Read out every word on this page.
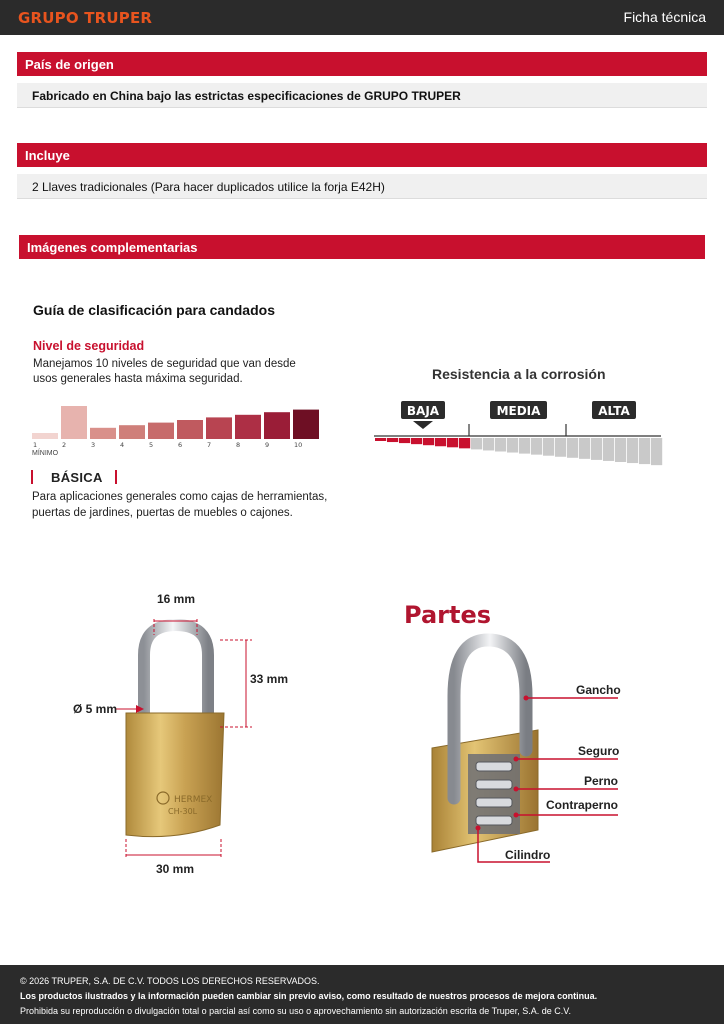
GRUPO TRUPER	Ficha técnica
País de origen
Fabricado en China bajo las estrictas especificaciones de GRUPO TRUPER
Incluye
2 Llaves tradicionales (Para hacer duplicados utilice la forja E42H)
Imágenes complementarias
Guía de clasificación para candados
Nivel de seguridad
Manejamos 10 niveles de seguridad que van desde usos generales hasta máxima seguridad.
1	2	3	4	5	6	7	8	9	10
MÍNIMO
BÁSICA
Para aplicaciones generales como cajas de herramientas, puertas de jardines, puertas de muebles o cajones.
Resistencia a la corrosión
BAJA	MEDIA	ALTA
HERMEX
CH-30L
16 mm
33 mm
Ø 5 mm
30 mm
Partes
Gancho
Seguro
Perno
Contraperno
Cilindro
© 2026 TRUPER, S.A. DE C.V. TODOS LOS DERECHOS RESERVADOS.
Los productos ilustrados y la información pueden cambiar sin previo aviso, como resultado de nuestros procesos de mejora continua.
Prohibida su reproducción o divulgación total o parcial así como su uso o aprovechamiento sin autorización escrita de Truper, S.A. de C.V.
